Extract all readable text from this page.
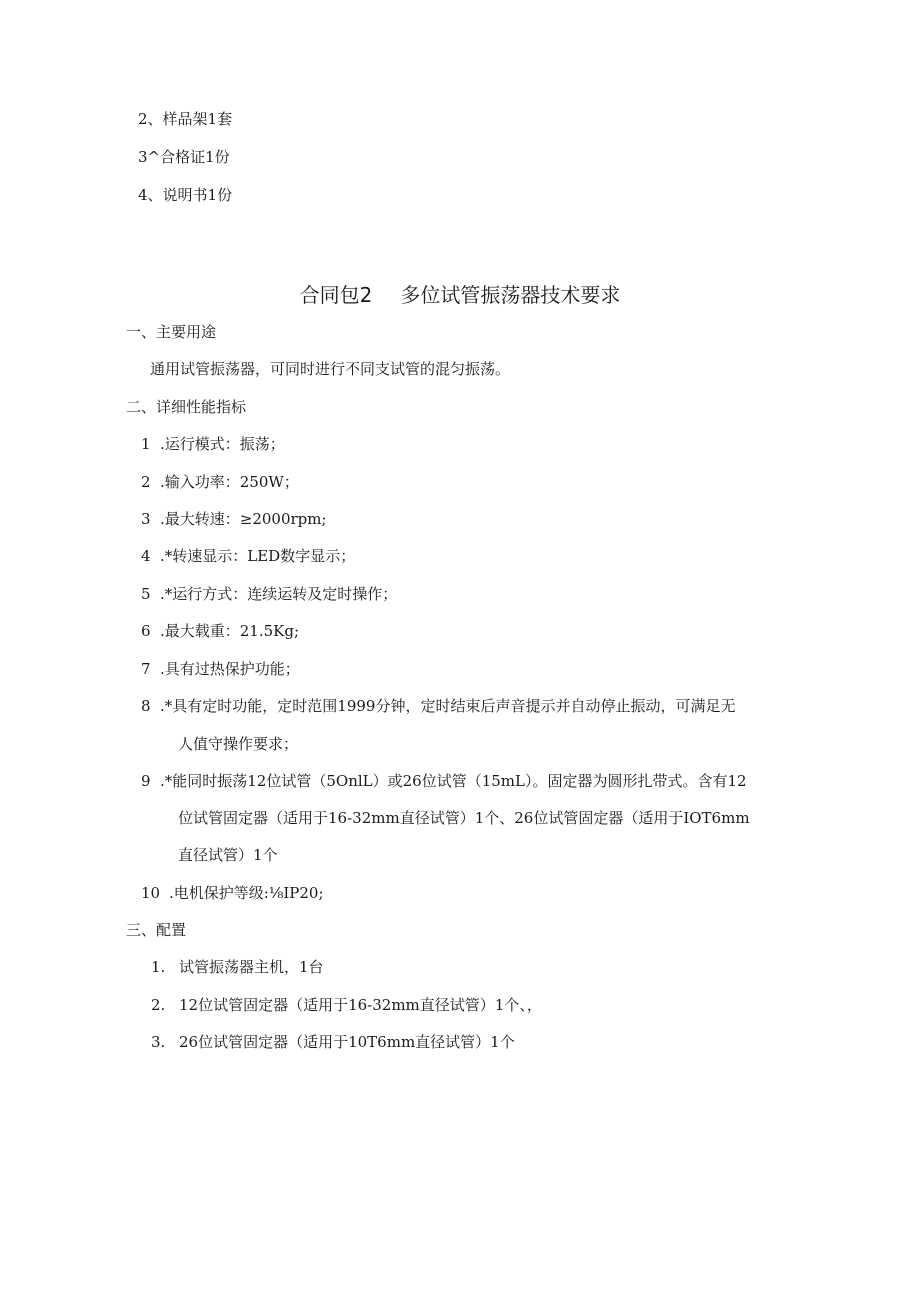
2、样品架1套
3^合格证1份
4、说明书1份
合同包2 多位试管振荡器技术要求
一、主要用途
通用试管振荡器，可同时进行不同支试管的混匀振荡。
二、详细性能指标
1 .运行模式：振荡；
2 .输入功率：250W；
3 .最大转速：≥2000rpm;
4 .*转速显示：LED数字显示；
5 .*运行方式：连续运转及定时操作；
6 .最大载重：21.5Kg;
7 .具有过热保护功能；
8 .*具有定时功能，定时范围1999分钟，定时结束后声音提示并自动停止振动，可满足无
人值守操作要求；
9 .*能同时振荡12位试管（5OnlL）或26位试管（15mL）。固定器为圆形扎带式。含有12
位试管固定器（适用于16-32mm直径试管）1个、26位试管固定器（适用于IOT6mm
直径试管）1个
10 .电机保护等级:⅛IP20;
三、配置
1. 试管振荡器主机，1台
2. 12位试管固定器（适用于16-32mm直径试管）1个、，
3. 26位试管固定器（适用于10T6mm直径试管）1个
